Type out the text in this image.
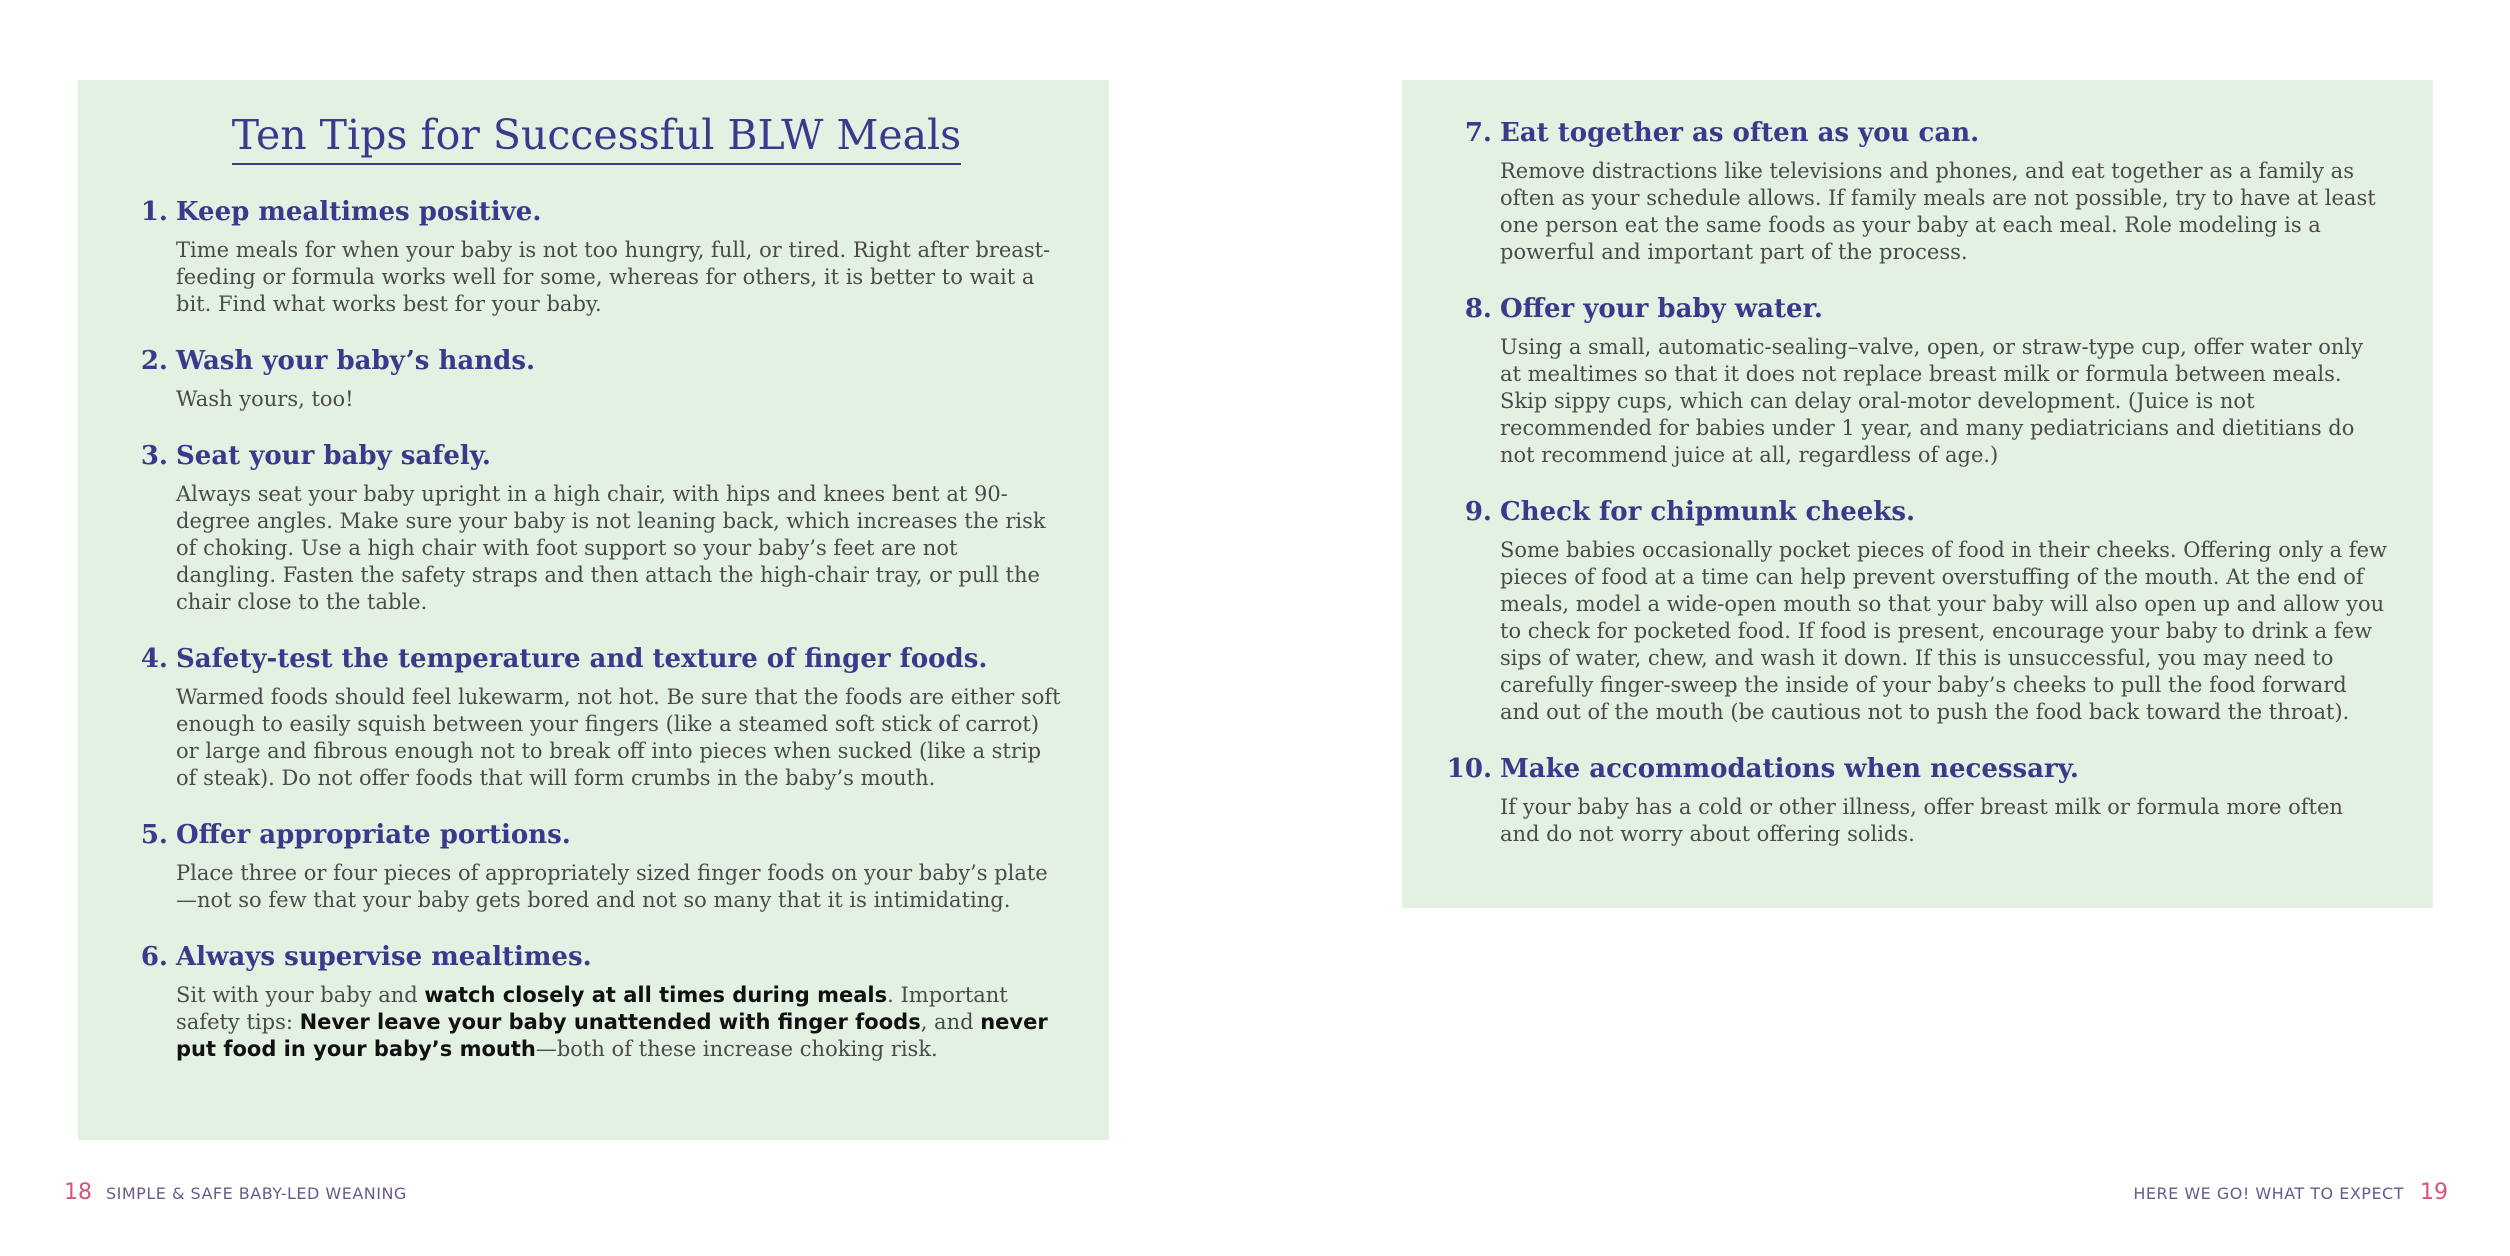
Ten Tips for Successful BLW Meals
1. Keep mealtimes positive.
Time meals for when your baby is not too hungry, full, or tired. Right after breast-feeding or formula works well for some, whereas for others, it is better to wait a bit. Find what works best for your baby.
2. Wash your baby’s hands.
Wash yours, too!
3. Seat your baby safely.
Always seat your baby upright in a high chair, with hips and knees bent at 90-degree angles. Make sure your baby is not leaning back, which increases the risk of choking. Use a high chair with foot support so your baby’s feet are not dangling. Fasten the safety straps and then attach the high-chair tray, or pull the chair close to the table.
4. Safety-test the temperature and texture of finger foods.
Warmed foods should feel lukewarm, not hot. Be sure that the foods are either soft enough to easily squish between your fingers (like a steamed soft stick of carrot) or large and fibrous enough not to break off into pieces when sucked (like a strip of steak). Do not offer foods that will form crumbs in the baby’s mouth.
5. Offer appropriate portions.
Place three or four pieces of appropriately sized finger foods on your baby’s plate—not so few that your baby gets bored and not so many that it is intimidating.
6. Always supervise mealtimes.
Sit with your baby and watch closely at all times during meals. Important safety tips: Never leave your baby unattended with finger foods, and never put food in your baby’s mouth—both of these increase choking risk.
7. Eat together as often as you can.
Remove distractions like televisions and phones, and eat together as a family as often as your schedule allows. If family meals are not possible, try to have at least one person eat the same foods as your baby at each meal. Role modeling is a powerful and important part of the process.
8. Offer your baby water.
Using a small, automatic-sealing–valve, open, or straw-type cup, offer water only at mealtimes so that it does not replace breast milk or formula between meals. Skip sippy cups, which can delay oral-motor development. (Juice is not recommended for babies under 1 year, and many pediatricians and dietitians do not recommend juice at all, regardless of age.)
9. Check for chipmunk cheeks.
Some babies occasionally pocket pieces of food in their cheeks. Offering only a few pieces of food at a time can help prevent overstuffing of the mouth. At the end of meals, model a wide-open mouth so that your baby will also open up and allow you to check for pocketed food. If food is present, encourage your baby to drink a few sips of water, chew, and wash it down. If this is unsuccessful, you may need to carefully finger-sweep the inside of your baby’s cheeks to pull the food forward and out of the mouth (be cautious not to push the food back toward the throat).
10. Make accommodations when necessary.
If your baby has a cold or other illness, offer breast milk or formula more often and do not worry about offering solids.
18 SIMPLE & SAFE BABY-LED WEANING	HERE WE GO! WHAT TO EXPECT 19
